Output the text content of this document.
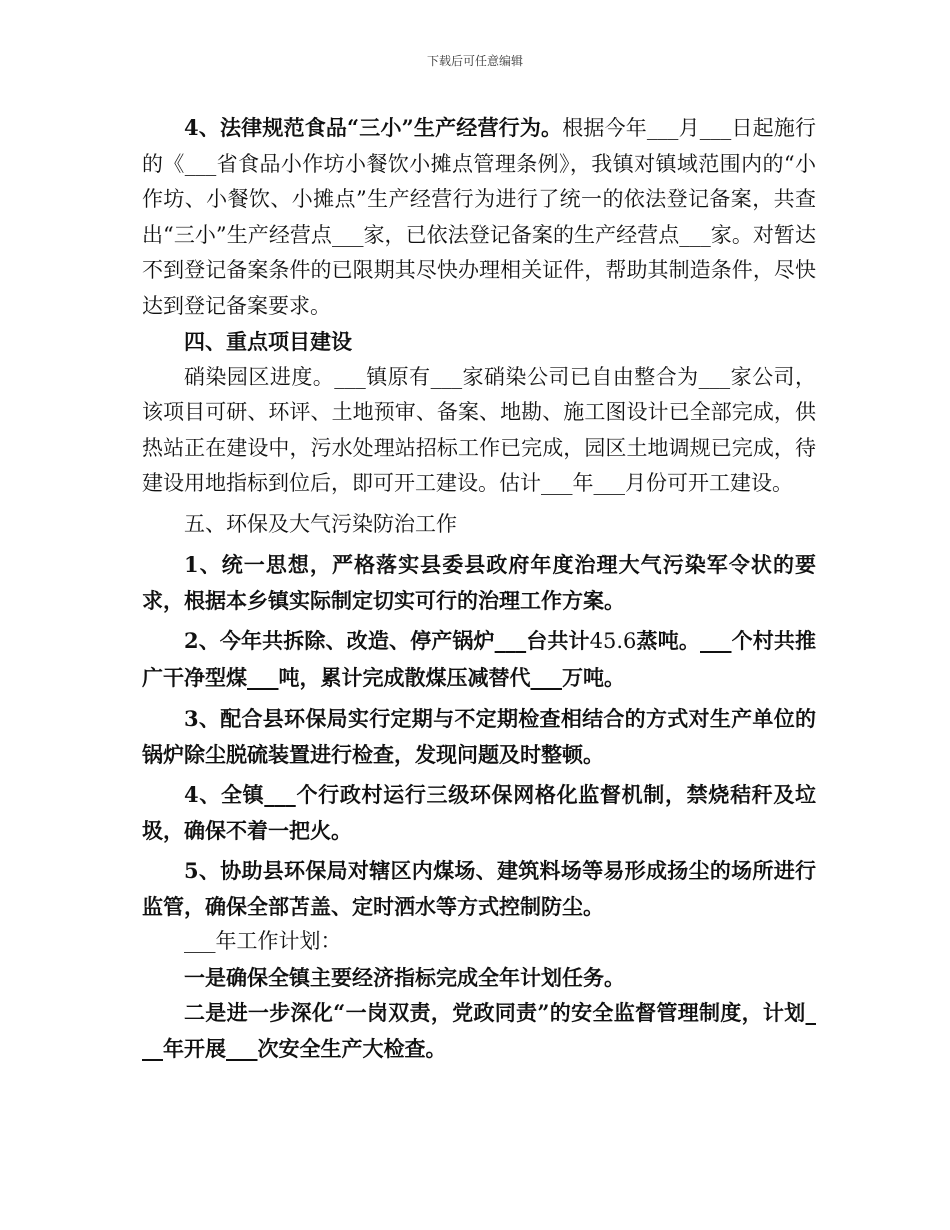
下载后可任意编辑

4、法律规范食品“三小”生产经营行为。根据今年___月___日起施行的《___省食品小作坊小餐饮小摊点管理条例》，我镇对镇域范围内的“小作坊、小餐饮、小摊点”生产经营行为进行了统一的依法登记备案，共查出“三小”生产经营点___家，已依法登记备案的生产经营点___家。对暂达不到登记备案条件的已限期其尽快办理相关证件，帮助其制造条件，尽快达到登记备案要求。

四、重点项目建设

硝染园区进度。___镇原有___家硝染公司已自由整合为___家公司，该项目可研、环评、土地预审、备案、地勘、施工图设计已全部完成，供热站正在建设中，污水处理站招标工作已完成，园区土地调规已完成，待建设用地指标到位后，即可开工建设。估计___年___月份可开工建设。

五、环保及大气污染防治工作

1、统一思想，严格落实县委县政府年度治理大气污染军令状的要求，根据本乡镇实际制定切实可行的治理工作方案。

2、今年共拆除、改造、停产锅炉___台共计45.6蒸吨。___个村共推广干净型煤___吨，累计完成散煤压减替代___万吨。

3、配合县环保局实行定期与不定期检查相结合的方式对生产单位的锅炉除尘脱硫装置进行检查，发现问题及时整顿。

4、全镇___个行政村运行三级环保网格化监督机制，禁烧秸秆及垃圾，确保不着一把火。

5、协助县环保局对辖区内煤场、建筑料场等易形成扬尘的场所进行监管，确保全部苫盖、定时洒水等方式控制防尘。

___年工作计划：

一是确保全镇主要经济指标完成全年计划任务。

二是进一步深化“一岗双责，党政同责”的安全监督管理制度，计划___年开展___次安全生产大检查。
